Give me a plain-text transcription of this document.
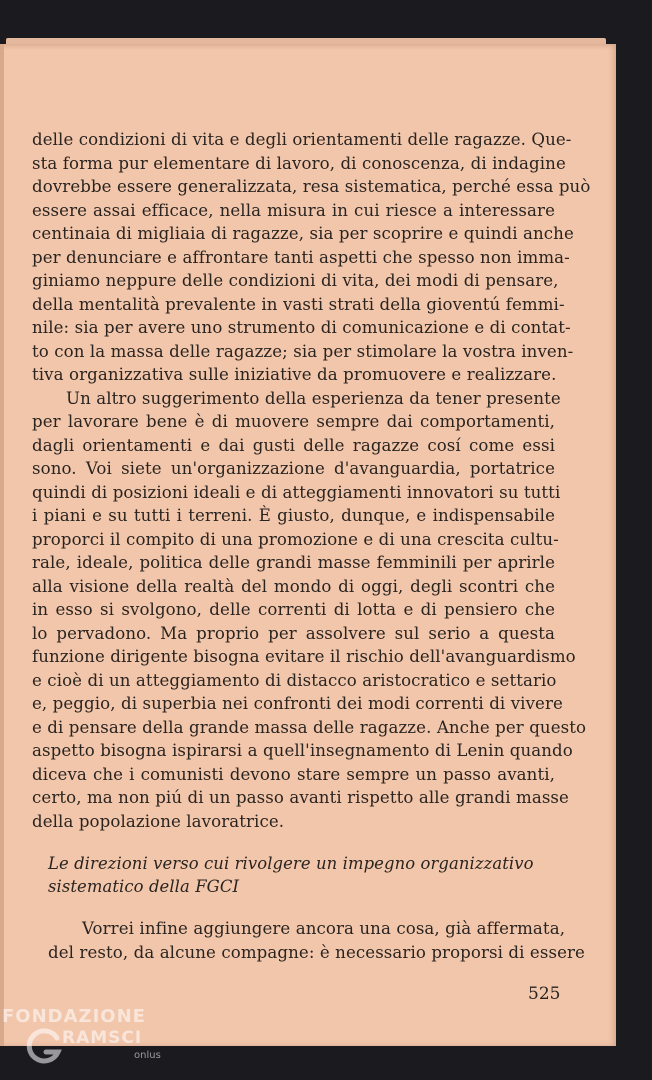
delle condizioni di vita e degli orientamenti delle ragazze. Que-
sta forma pur elementare di lavoro, di conoscenza, di indagine
dovrebbe essere generalizzata, resa sistematica, perché essa può
essere assai efficace, nella misura in cui riesce a interessare
centinaia di migliaia di ragazze, sia per scoprire e quindi anche
per denunciare e affrontare tanti aspetti che spesso non imma-
giniamo neppure delle condizioni di vita, dei modi di pensare,
della mentalità prevalente in vasti strati della gioventú femmi-
nile: sia per avere uno strumento di comunicazione e di contat-
to con la massa delle ragazze; sia per stimolare la vostra inven-
tiva organizzativa sulle iniziative da promuovere e realizzare.
Un altro suggerimento della esperienza da tener presente
per lavorare bene è di muovere sempre dai comportamenti,
dagli orientamenti e dai gusti delle ragazze cosí come essi
sono. Voi siete un'organizzazione d'avanguardia, portatrice
quindi di posizioni ideali e di atteggiamenti innovatori su tutti
i piani e su tutti i terreni. È giusto, dunque, e indispensabile
proporci il compito di una promozione e di una crescita cultu-
rale, ideale, politica delle grandi masse femminili per aprirle
alla visione della realtà del mondo di oggi, degli scontri che
in esso si svolgono, delle correnti di lotta e di pensiero che
lo pervadono. Ma proprio per assolvere sul serio a questa
funzione dirigente bisogna evitare il rischio dell'avanguardismo
e cioè di un atteggiamento di distacco aristocratico e settario
e, peggio, di superbia nei confronti dei modi correnti di vivere
e di pensare della grande massa delle ragazze. Anche per questo
aspetto bisogna ispirarsi a quell'insegnamento di Lenin quando
diceva che i comunisti devono stare sempre un passo avanti,
certo, ma non piú di un passo avanti rispetto alle grandi masse
della popolazione lavoratrice.
Le direzioni verso cui rivolgere un impegno organizzativo
sistematico della FGCI
Vorrei infine aggiungere ancora una cosa, già affermata,
del resto, da alcune compagne: è necessario proporsi di essere
525
FONDAZIONE
RAMSCI
onlus
